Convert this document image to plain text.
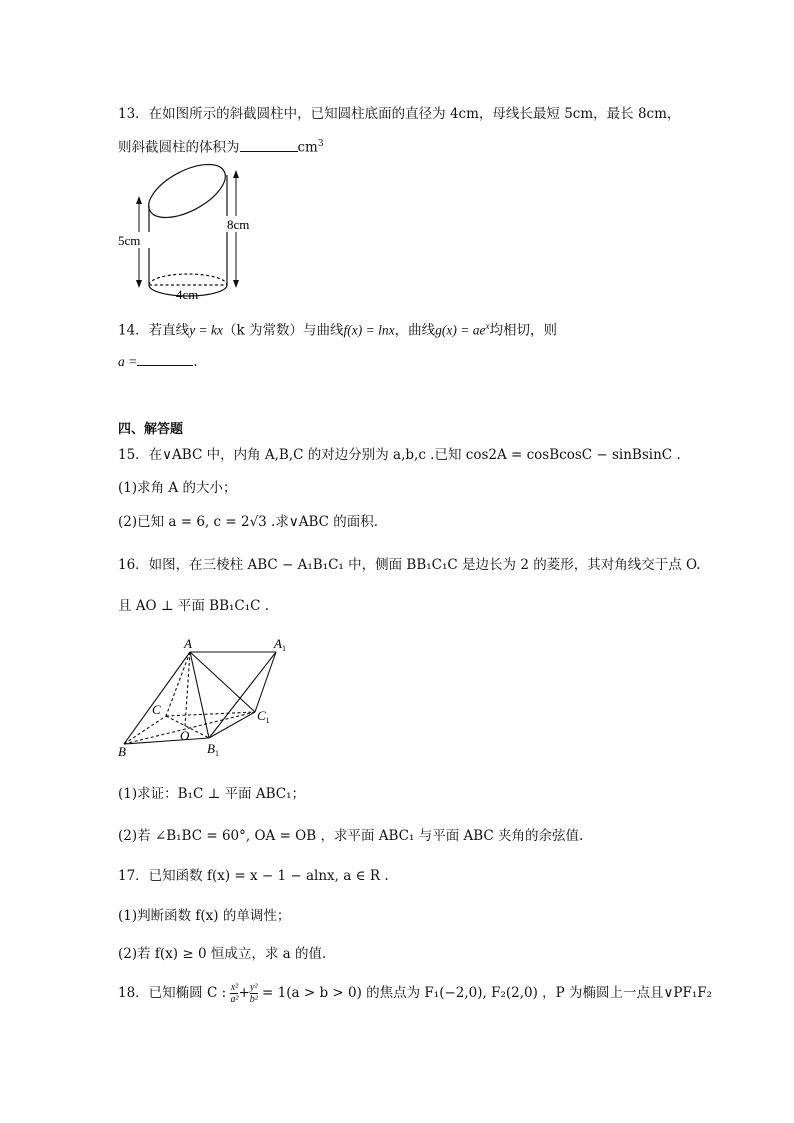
13．在如图所示的斜截圆柱中，已知圆柱底面的直径为 4cm，母线长最短 5cm，最长 8cm，
则斜截圆柱的体积为	$cm^3$
5cm
8cm
4cm
14．若直线y = kx（k 为常数）与曲线f(x) = lnx，曲线$g(x) = ae^x$均相切，则
a =	.
四、解答题
15．在∨ABC 中，内角 A,B,C 的对边分别为 a,b,c .已知 cos2A = cosBcosC − sinBsinC .
(1)求角 A 的大小；
(2)已知 a = 6, c = 2√3 .求∨ABC 的面积.
16．如图，在三棱柱 ABC − A₁B₁C₁ 中，侧面 BB₁C₁C 是边长为 2 的菱形，其对角线交于点 O.
且 AO ⊥ 平面 BB₁C₁C .
A	$A_1$
C	$C_1$
O
B	$B_1$
(1)求证：B₁C ⊥ 平面 ABC₁；
(2)若 ∠B₁BC = 60°, OA = OB ，求平面 ABC₁ 与平面 ABC 夹角的余弦值.
17．已知函数 f(x) = x − 1 − alnx, a ∈ R .
(1)判断函数 f(x) 的单调性；
(2)若 f(x) ≥ 0 恒成立，求 a 的值.
18．已知椭圆 C : $\frac{\text{x²}}{\text{a²}} + \frac{\text{y²}}{\text{b²}} = 1(a > b > 0)$ 的焦点为 F₁(−2,0), F₂(2,0) ，P 为椭圆上一点且∨PF₁F₂
